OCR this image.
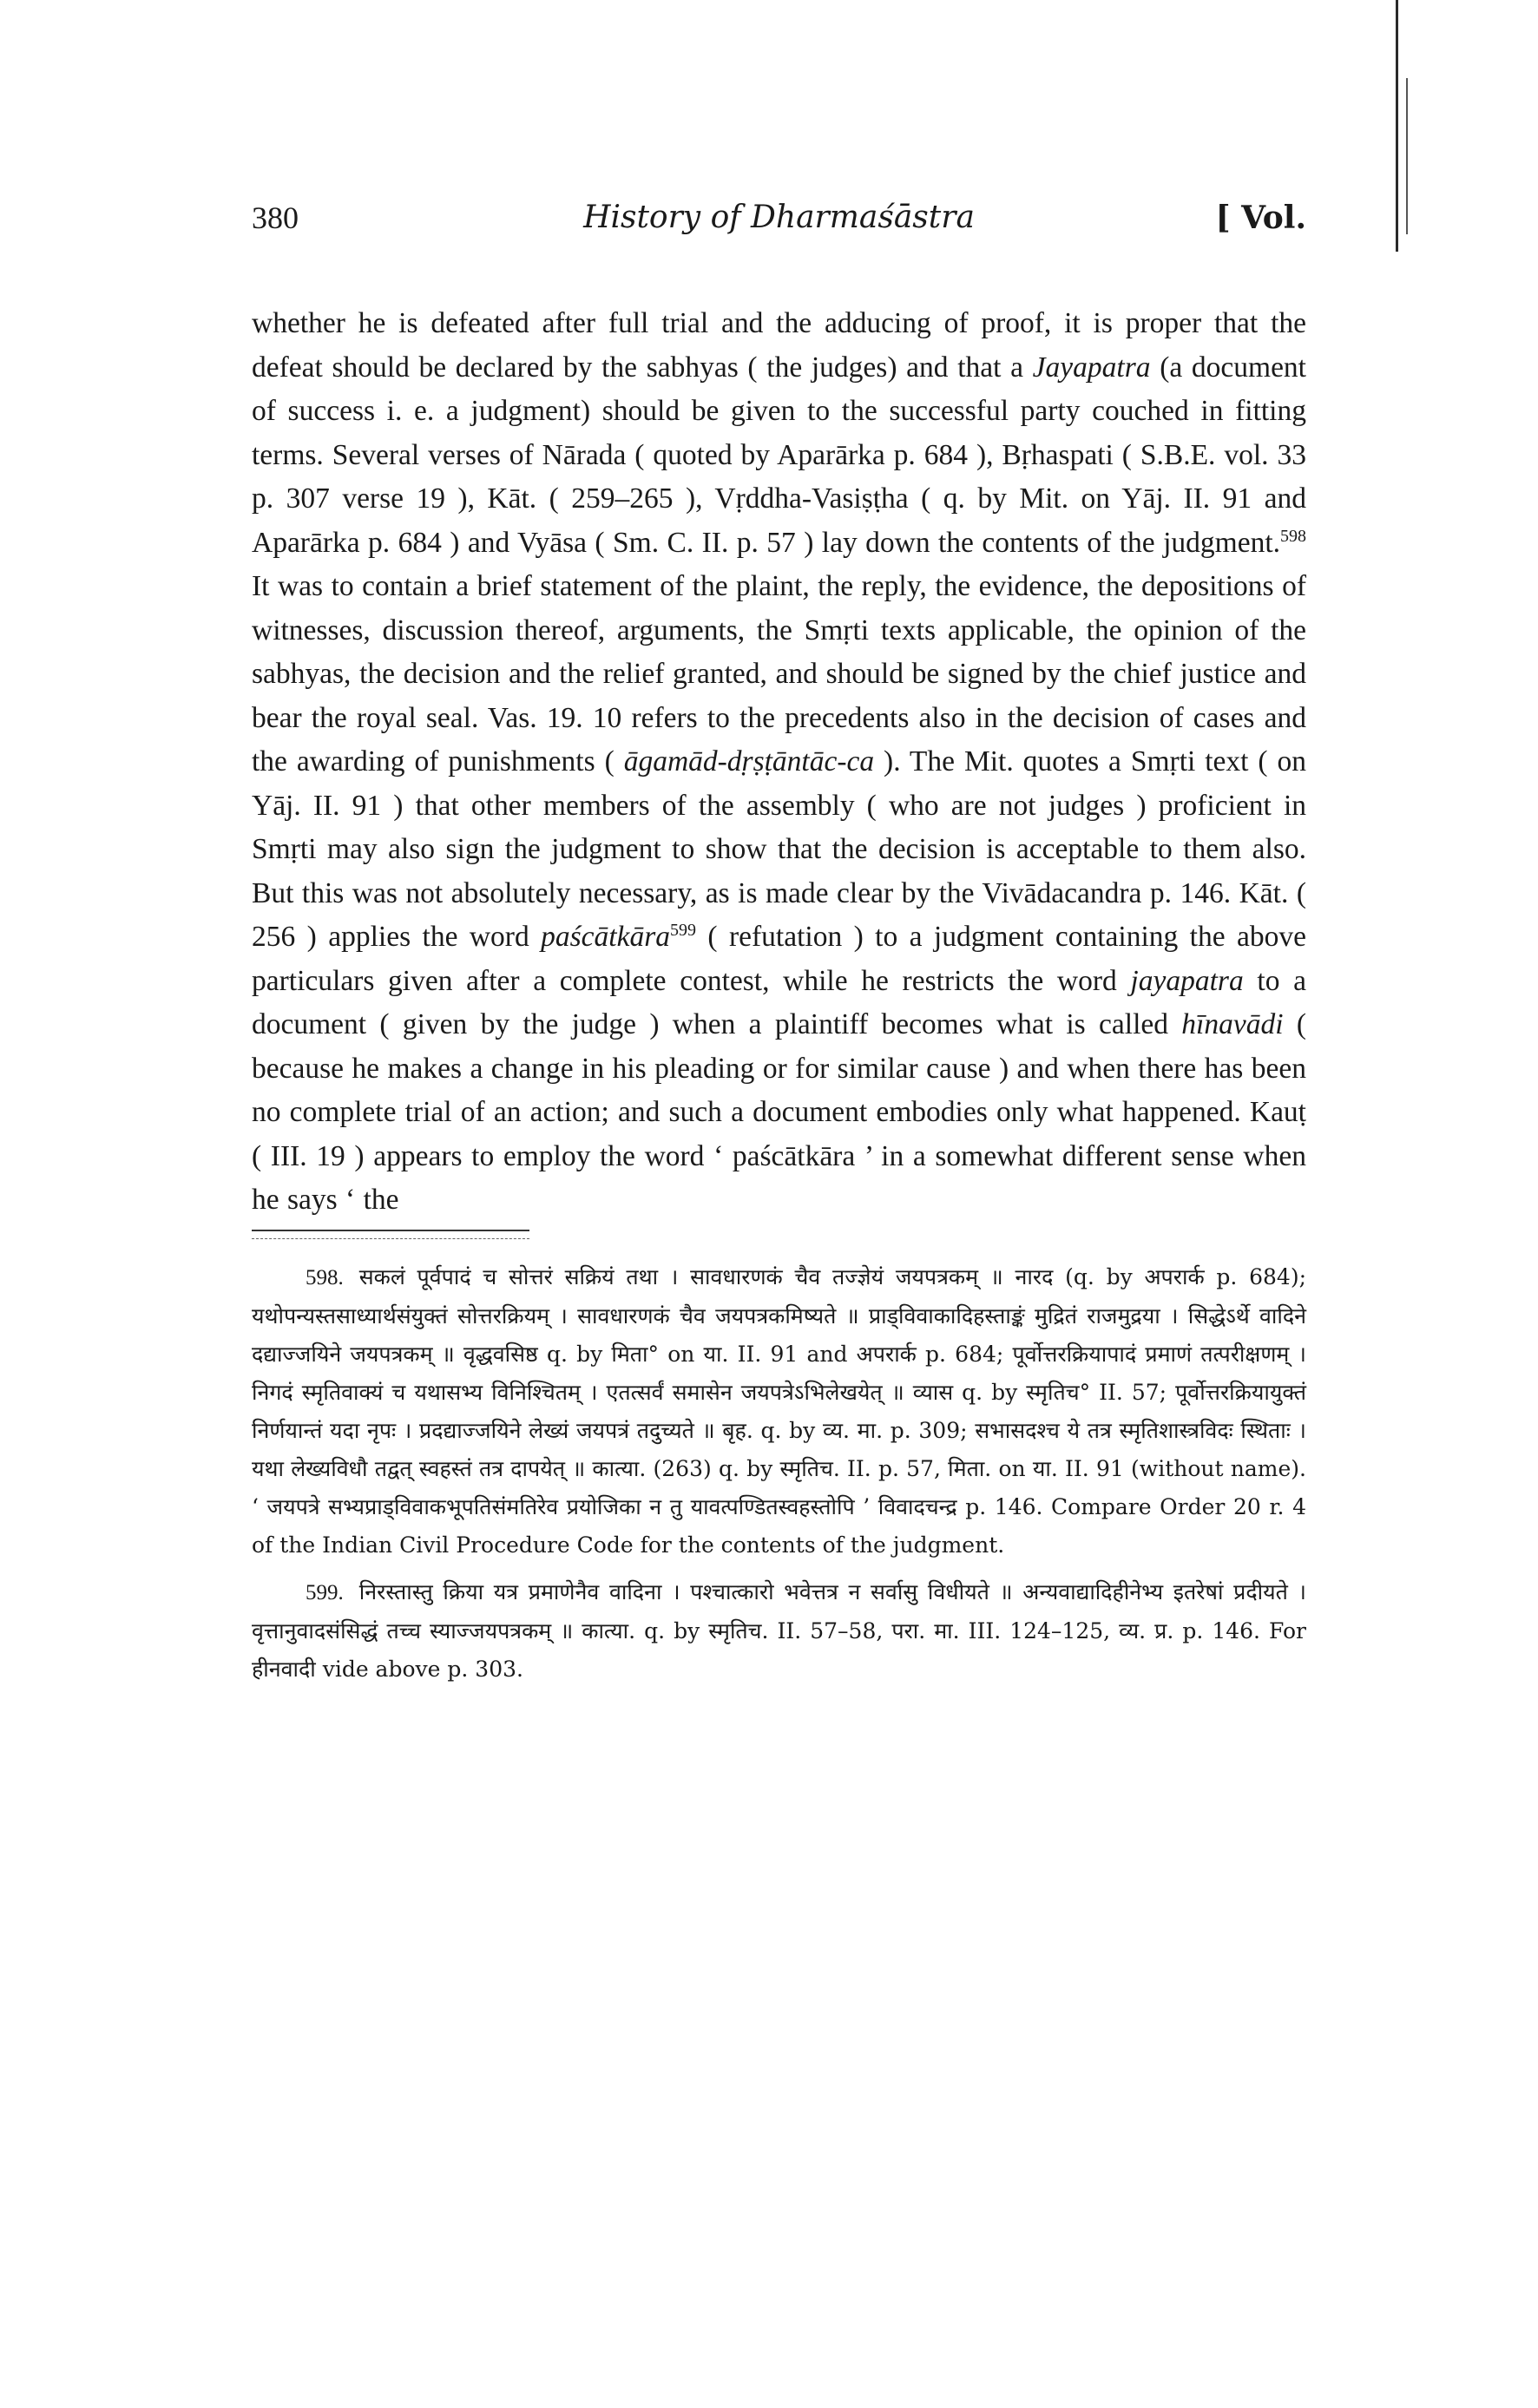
380	History of Dharmaśāstra	[ Vol.

whether he is defeated after full trial and the adducing of proof, it is proper that the defeat should be declared by the sabhyas ( the judges) and that a Jayapatra (a document of success i. e. a judgment) should be given to the successful party couched in fitting terms. Several verses of Nārada ( quoted by Aparārka p. 684 ), Bṛhaspati ( S.B.E. vol. 33 p. 307 verse 19 ), Kāt. ( 259–265 ), Vṛddha-Vasiṣṭha ( q. by Mit. on Yāj. II. 91 and Aparārka p. 684 ) and Vyāsa ( Sm. C. II. p. 57 ) lay down the contents of the judgment.$^{598}$ It was to contain a brief statement of the plaint, the reply, the evidence, the depositions of witnesses, discussion thereof, arguments, the Smṛti texts applicable, the opinion of the sabhyas, the decision and the relief granted, and should be signed by the chief justice and bear the royal seal. Vas. 19. 10 refers to the precedents also in the decision of cases and the awarding of punishments ( āgamād-dṛṣṭāntāc-ca ). The Mit. quotes a Smṛti text ( on Yāj. II. 91 ) that other members of the assembly ( who are not judges ) proficient in Smṛti may also sign the judgment to show that the decision is acceptable to them also. But this was not absolutely necessary, as is made clear by the Vivādacandra p. 146. Kāt. ( 256 ) applies the word paścātkāra$^{599}$ ( refutation ) to a judgment containing the above particulars given after a complete contest, while he restricts the word jayapatra to a document ( given by the judge ) when a plaintiff becomes what is called hīnavādi ( because he makes a change in his pleading or for similar cause ) and when there has been no complete trial of an action; and such a document embodies only what happened. Kauṭ ( III. 19 ) appears to employ the word ‘ paścātkāra ’ in a somewhat different sense when he says ‘ the

598. सकलं पूर्वपादं च सोत्तरं सक्रियं तथा । सावधारणकं चैव तज्ज्ञेयं जयपत्रकम् ॥ नारद (q. by अपरार्क p. 684); यथोपन्यस्तसाध्यार्थसंयुक्तं सोत्तरक्रियम् । सावधारणकं चैव जयपत्रकमिष्यते ॥ प्राड्विवाकादिहस्ताङ्कं मुद्रितं राजमुद्रया । सिद्धेऽर्थे वादिने दद्याज्जयिने जयपत्रकम् ॥ वृद्धवसिष्ठ q. by मिता° on या. II. 91 and अपरार्क p. 684; पूर्वोत्तरक्रियापादं प्रमाणं तत्परीक्षणम् । निगदं स्मृतिवाक्यं च यथासभ्य विनिश्चितम् । एतत्सर्वं समासेन जयपत्रेऽभिलेखयेत् ॥ व्यास q. by स्मृतिच° II. 57; पूर्वोत्तरक्रियायुक्तं निर्णयान्तं यदा नृपः । प्रदद्याज्जयिने लेख्यं जयपत्रं तदुच्यते ॥ बृह. q. by व्य. मा. p. 309; सभासदश्च ये तत्र स्मृतिशास्त्रविदः स्थिताः । यथा लेख्यविधौ तद्वत् स्वहस्तं तत्र दापयेत् ॥ कात्या. (263) q. by स्मृतिच. II. p. 57, मिता. on या. II. 91 (without name). ‘ जयपत्रे सभ्यप्राड्विवाकभूपतिसंमतिरेव प्रयोजिका न तु यावत्पण्डितस्वहस्तोपि ’ विवादचन्द्र p. 146. Compare Order 20 r. 4 of the Indian Civil Procedure Code for the contents of the judgment.

599. निरस्तास्तु क्रिया यत्र प्रमाणेनैव वादिना । पश्चात्कारो भवेत्तत्र न सर्वासु विधीयते ॥ अन्यवाद्यादिहीनेभ्य इतरेषां प्रदीयते । वृत्तानुवादसंसिद्धं तच्च स्याज्जयपत्रकम् ॥ कात्या. q. by स्मृतिच. II. 57–58, परा. मा. III. 124–125, व्य. प्र. p. 146. For हीनवादी vide above p. 303.
